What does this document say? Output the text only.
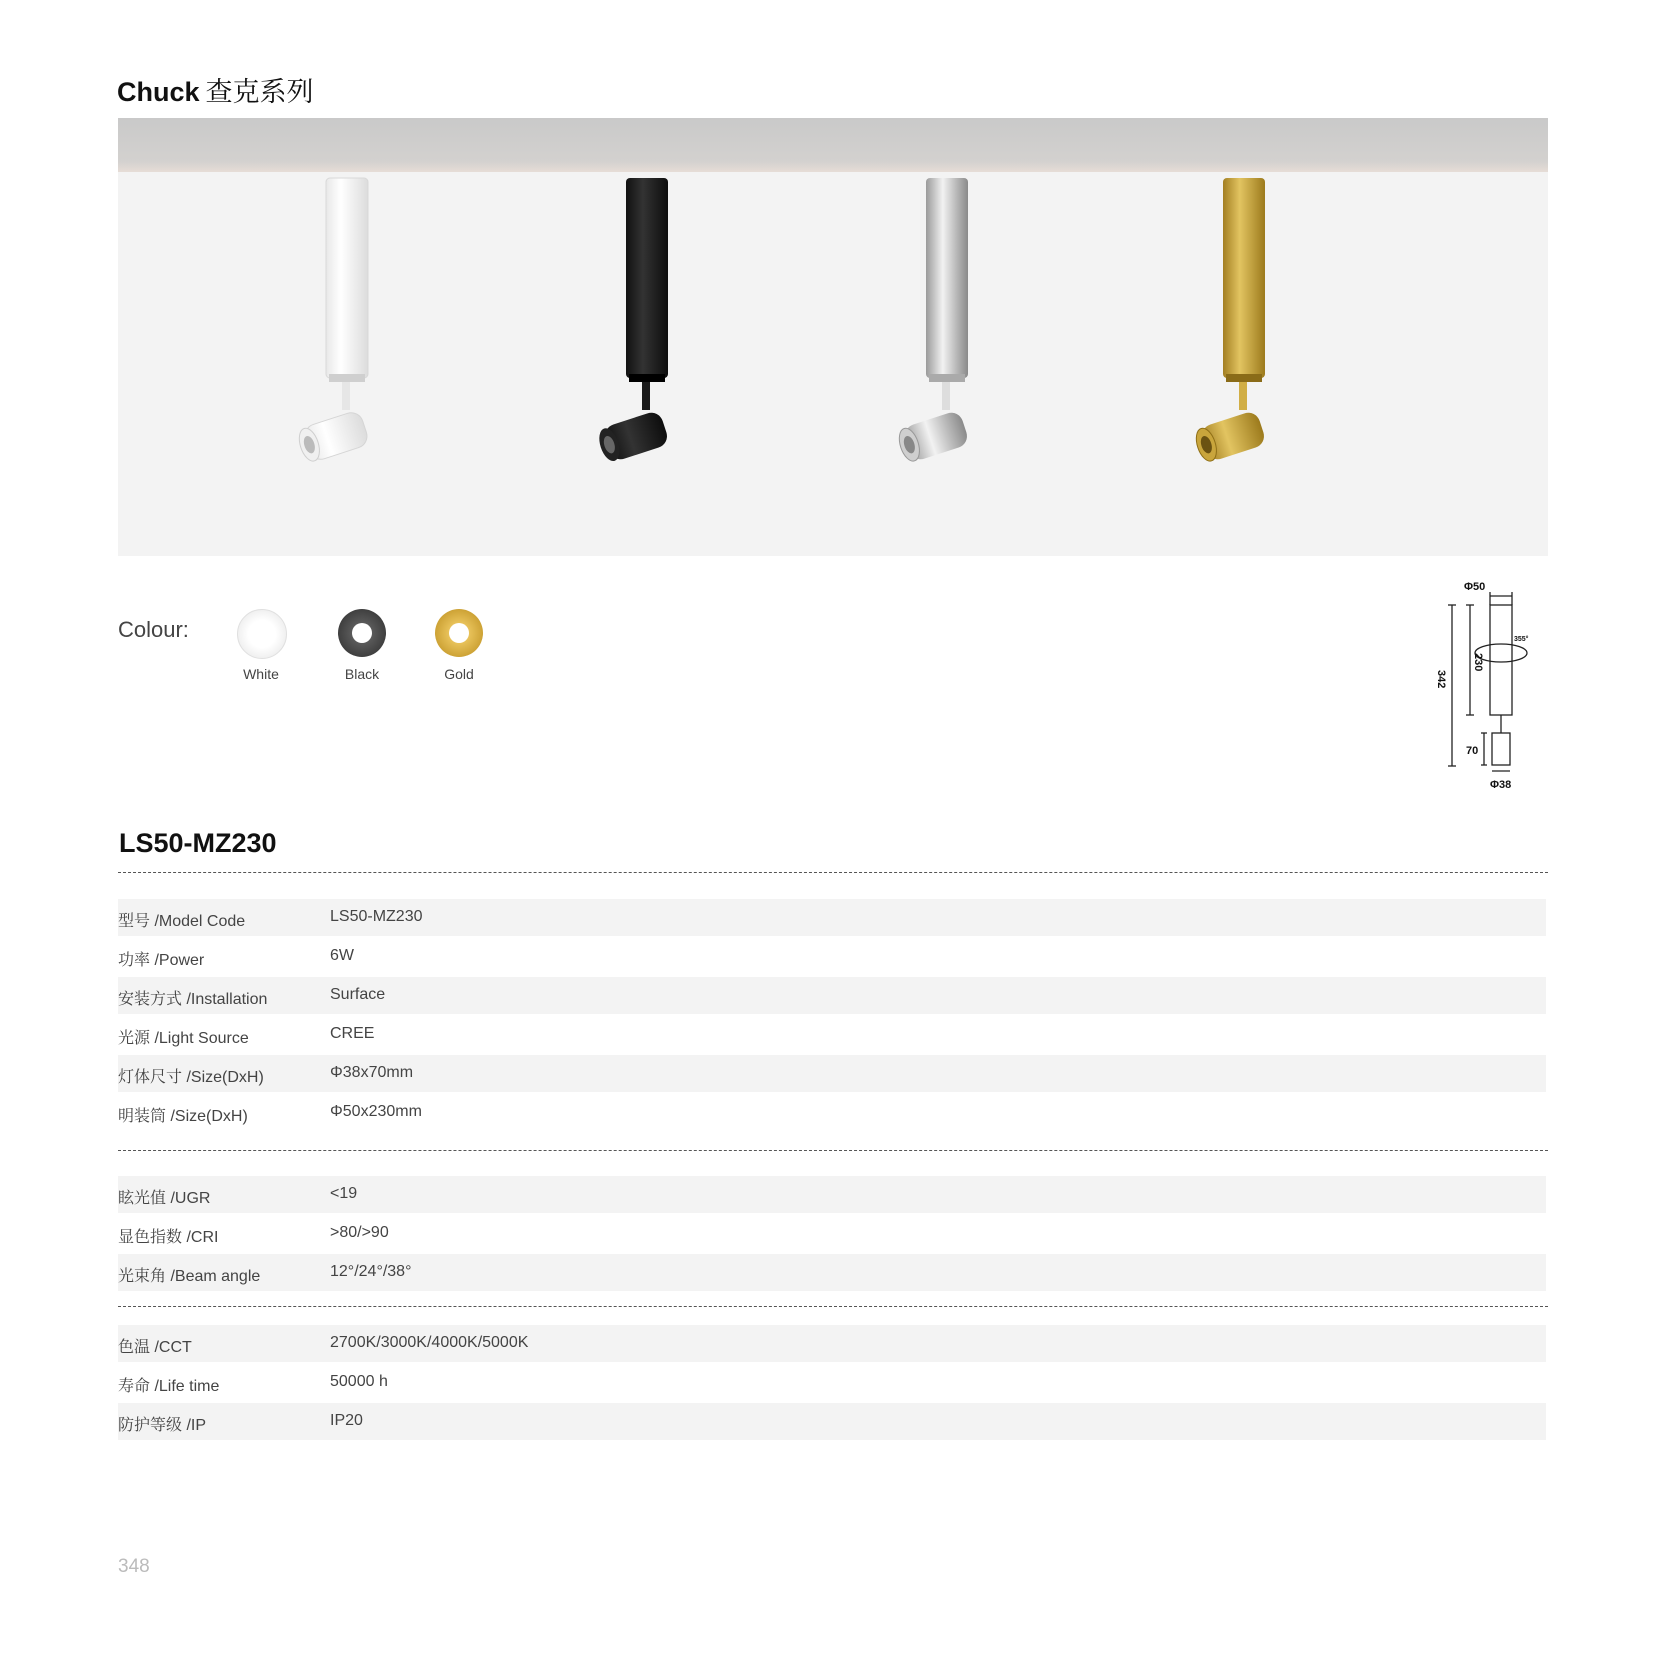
Chuck 查克系列
Colour:
White	Black	Gold
Φ50
355°
342
230
70
Φ38
LS50-MZ230
型号 /Model Code	LS50-MZ230
功率 /Power	6W
安装方式 /Installation	Surface
光源 /Light Source	CREE
灯体尺寸 /Size(DxH)	Φ38x70mm
明装筒 /Size(DxH)	Φ50x230mm
眩光值 /UGR	<19
显色指数 /CRI	>80/>90
光束角 /Beam angle	12°/24°/38°
色温 /CCT	2700K/3000K/4000K/5000K
寿命 /Life time	50000 h
防护等级 /IP	IP20
348
